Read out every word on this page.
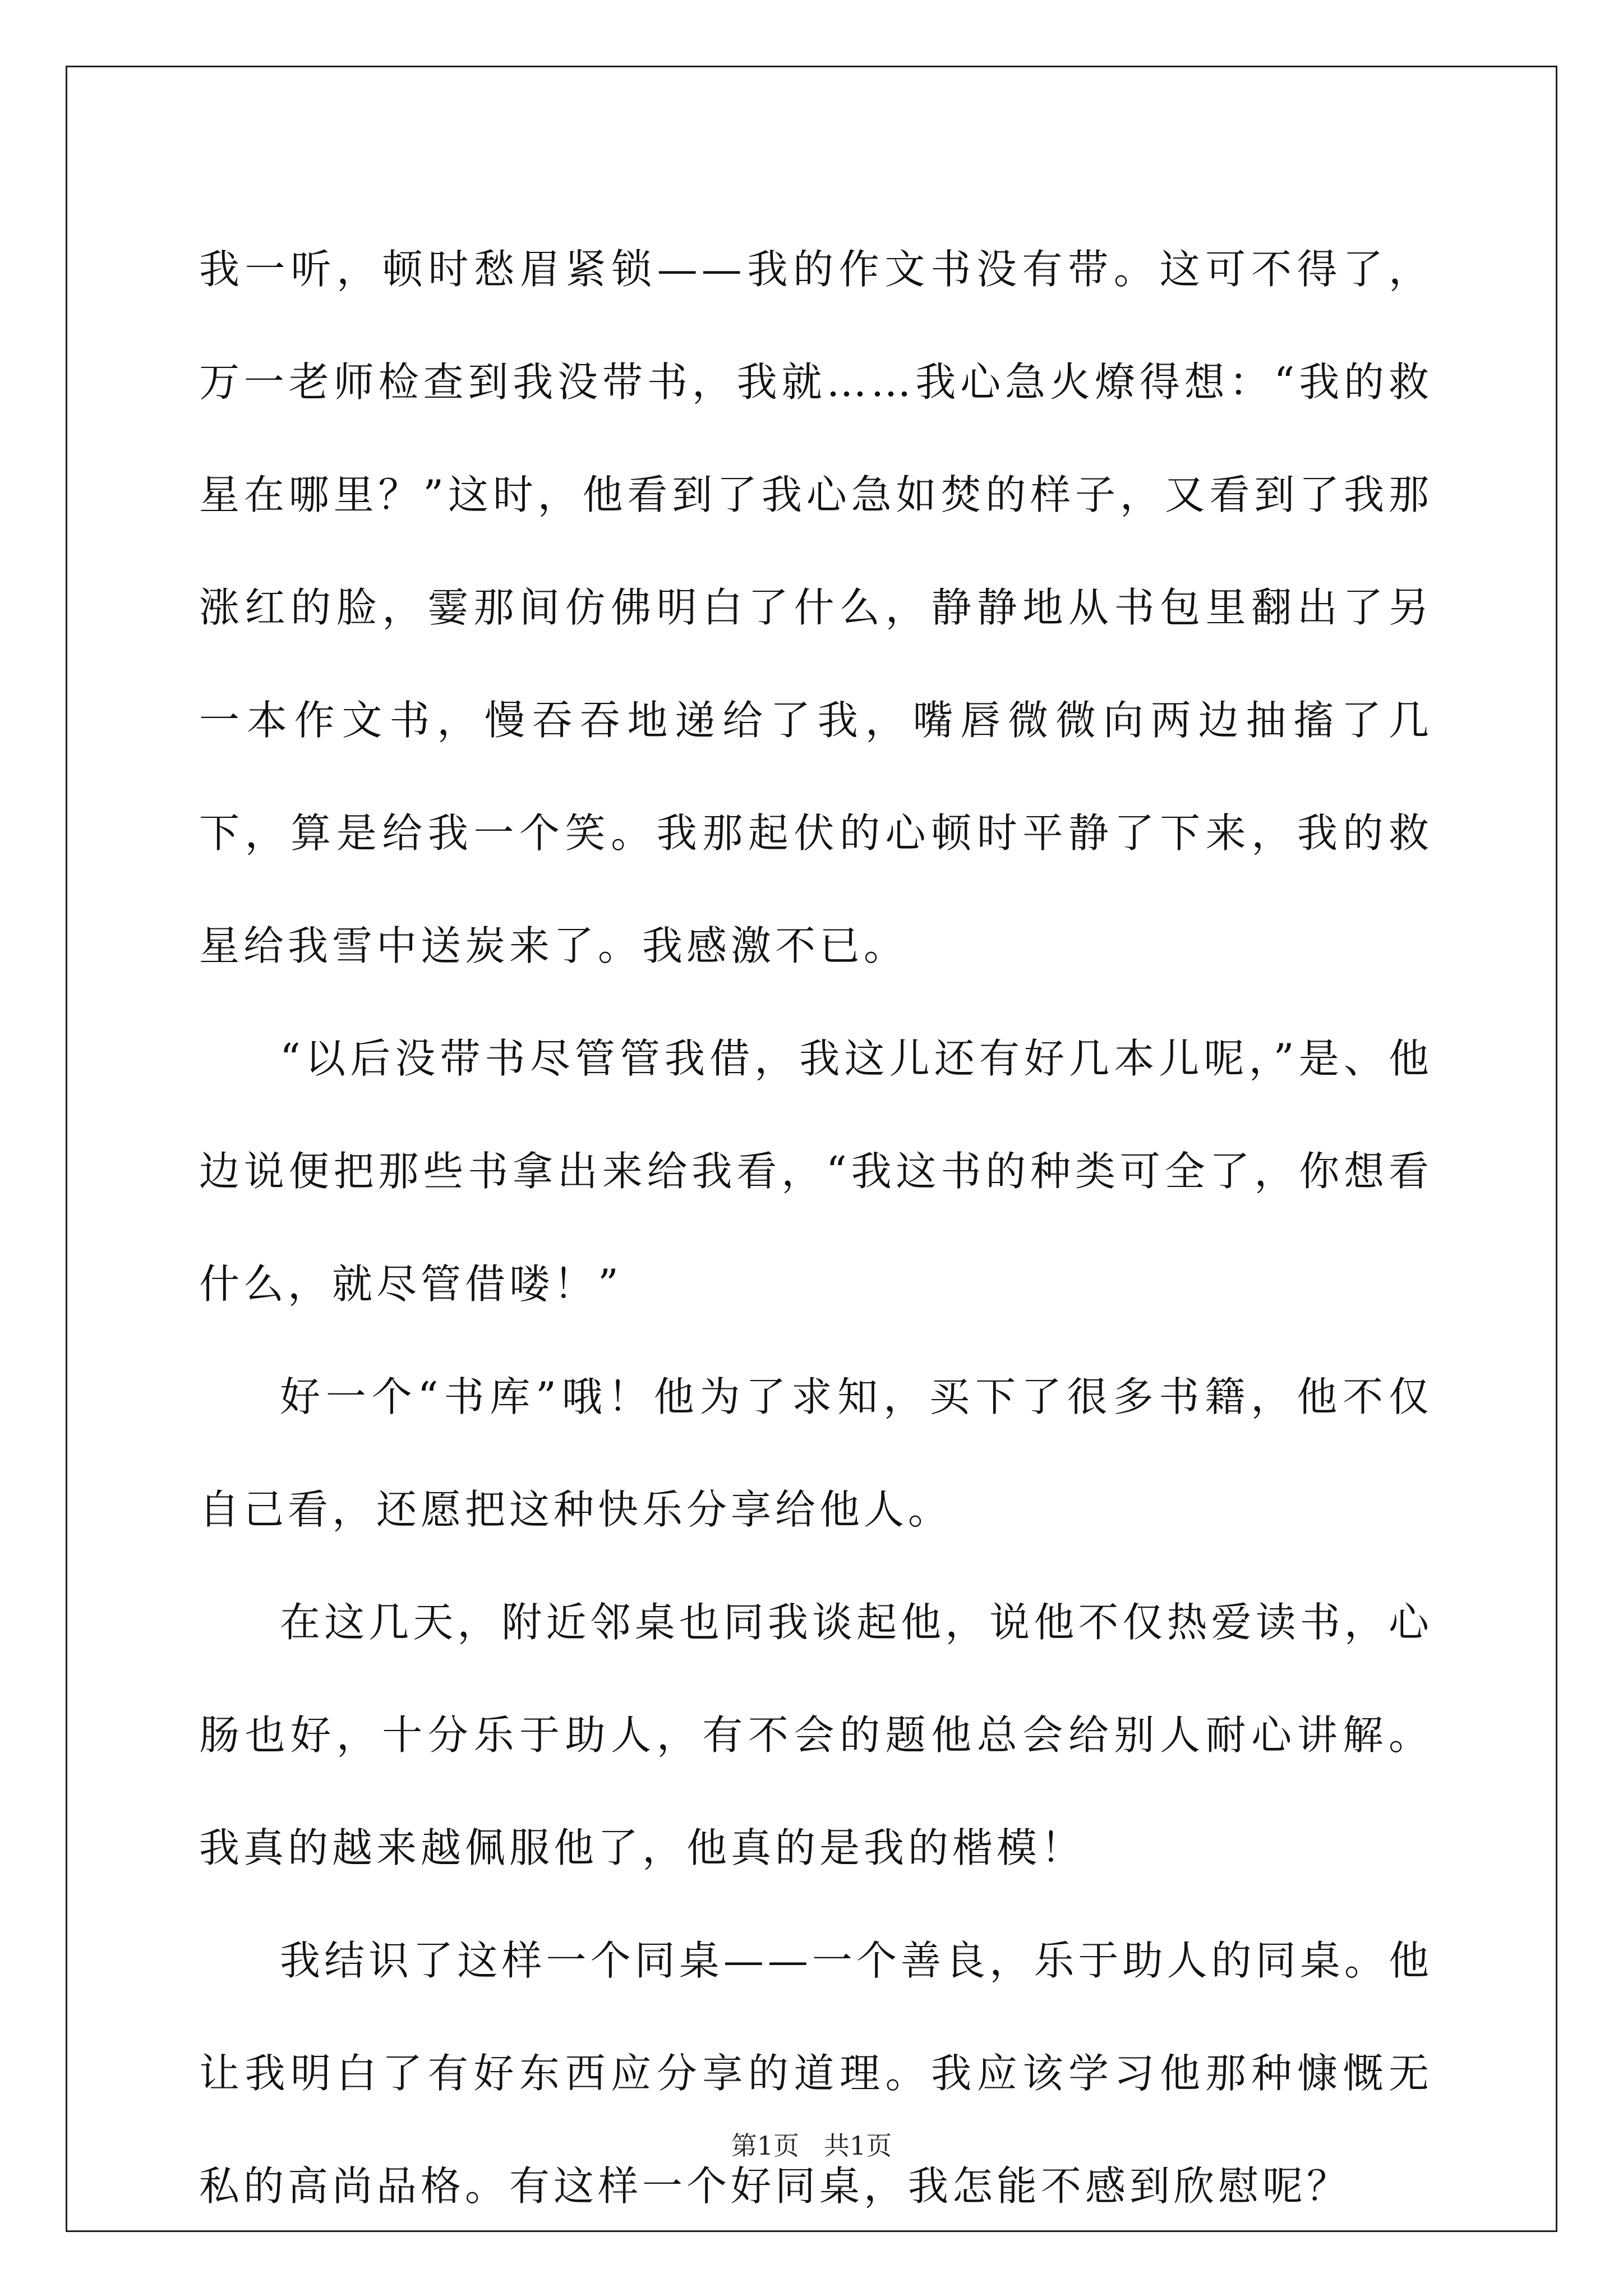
我一听，顿时愁眉紧锁——我的作文书没有带。这可不得了，万一老师检查到我没带书，我就……我心急火燎得想：“我的救星在哪里？”这时，他看到了我心急如焚的样子，又看到了我那涨红的脸，霎那间仿佛明白了什么，静静地从书包里翻出了另一本作文书，慢吞吞地递给了我，嘴唇微微向两边抽搐了几下，算是给我一个笑。我那起伏的心顿时平静了下来，我的救星给我雪中送炭来了。我感激不已。

“以后没带书尽管管我借，我这儿还有好几本儿呢，”是、他边说便把那些书拿出来给我看，“我这书的种类可全了，你想看什么，就尽管借喽！”

好一个“书库”哦！他为了求知，买下了很多书籍，他不仅自己看，还愿把这种快乐分享给他人。

在这几天，附近邻桌也同我谈起他，说他不仅热爱读书，心肠也好，十分乐于助人，有不会的题他总会给别人耐心讲解。我真的越来越佩服他了，他真的是我的楷模！

我结识了这样一个同桌——一个善良，乐于助人的同桌。他让我明白了有好东西应分享的道理。我应该学习他那种慷慨无私的高尚品格。有这样一个好同桌，我怎能不感到欣慰呢？

第1页 共1页
